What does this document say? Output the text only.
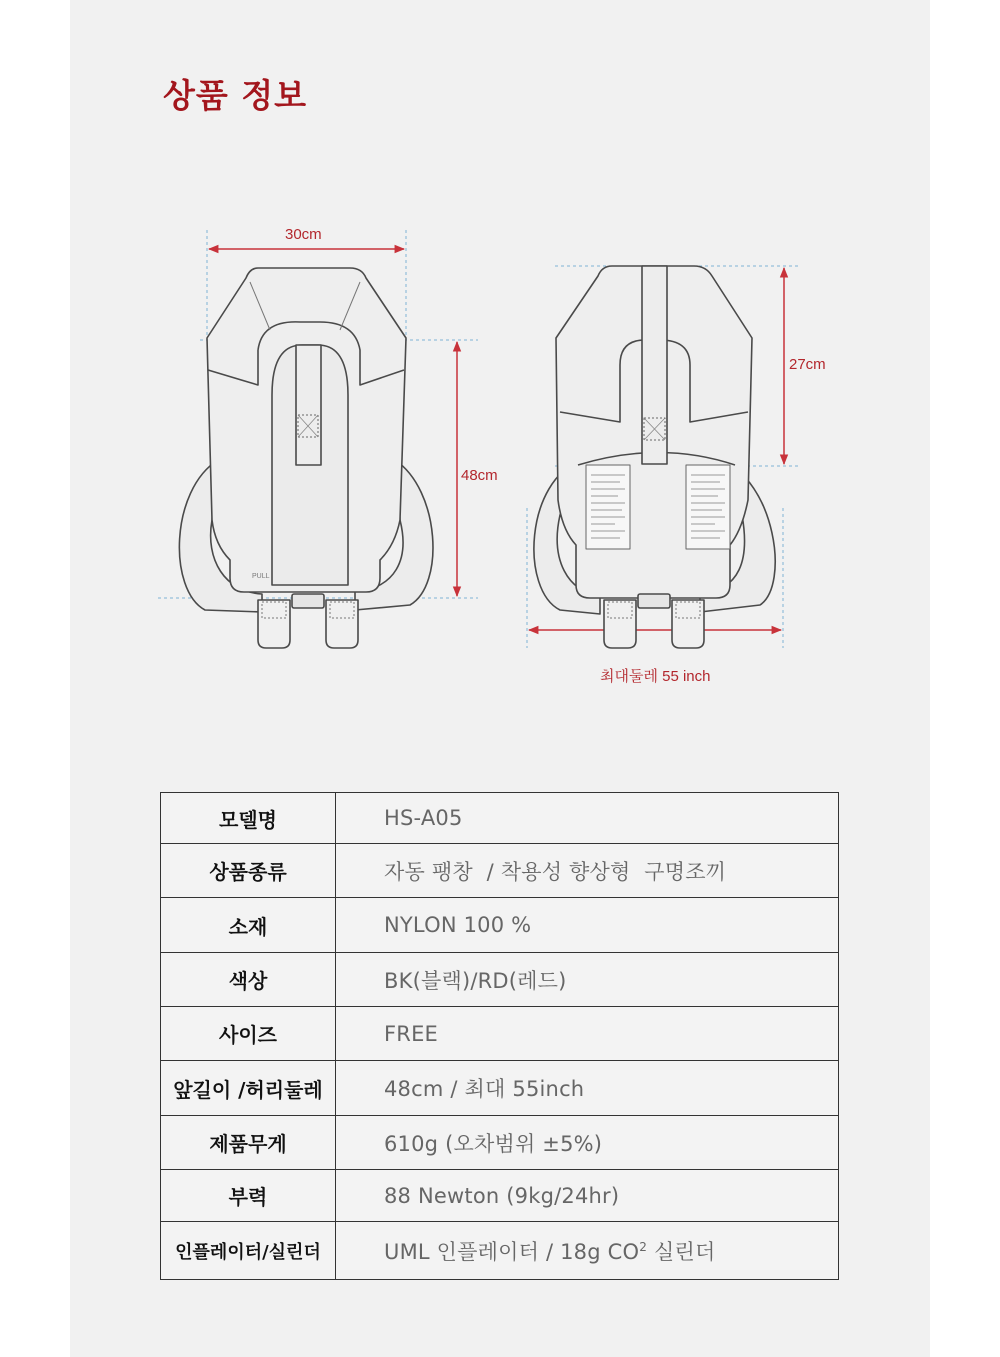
상품 정보
PULL
30cm
48cm
27cm
최대둘레 55 inch
모델명	HS-A05
상품종류	자동 팽창  / 착용성 향상형  구명조끼
소재	NYLON 100 %
색상	BK(블랙)/RD(레드)
사이즈	FREE
앞길이 /허리둘레	48cm / 최대 55inch
제품무게	610g (오차범위 ±5%)
부력	88 Newton (9kg/24hr)
인플레이터/실린더	UML 인플레이터 / 18g $CO^2$ 실린더
